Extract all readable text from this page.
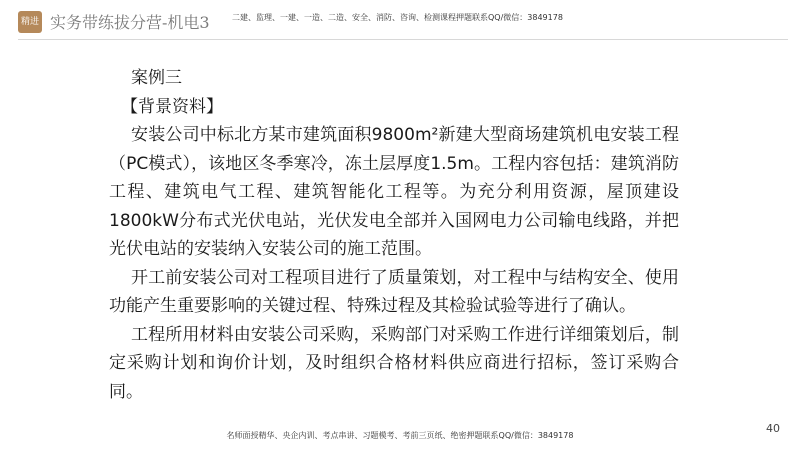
精进 实务带练拔分营-机电3	二建、监理、一建、一造、二造、安全、消防、咨询、检测课程押题联系QQ/微信：3849178

案例三

【背景资料】

安装公司中标北方某市建筑面积9800m²新建大型商场建筑机电安装工程（PC模式），该地区冬季寒冷，冻土层厚度1.5m。工程内容包括：建筑消防工程、建筑电气工程、建筑智能化工程等。为充分利用资源，屋顶建设1800kW分布式光伏电站，光伏发电全部并入国网电力公司输电线路，并把光伏电站的安装纳入安装公司的施工范围。

开工前安装公司对工程项目进行了质量策划，对工程中与结构安全、使用功能产生重要影响的关键过程、特殊过程及其检验试验等进行了确认。

工程所用材料由安装公司采购，采购部门对采购工作进行详细策划后，制定采购计划和询价计划，及时组织合格材料供应商进行招标，签订采购合同。

40
名师面授精华、央企内训、考点串讲、习题模考、考前三页纸、绝密押题联系QQ/微信：3849178
